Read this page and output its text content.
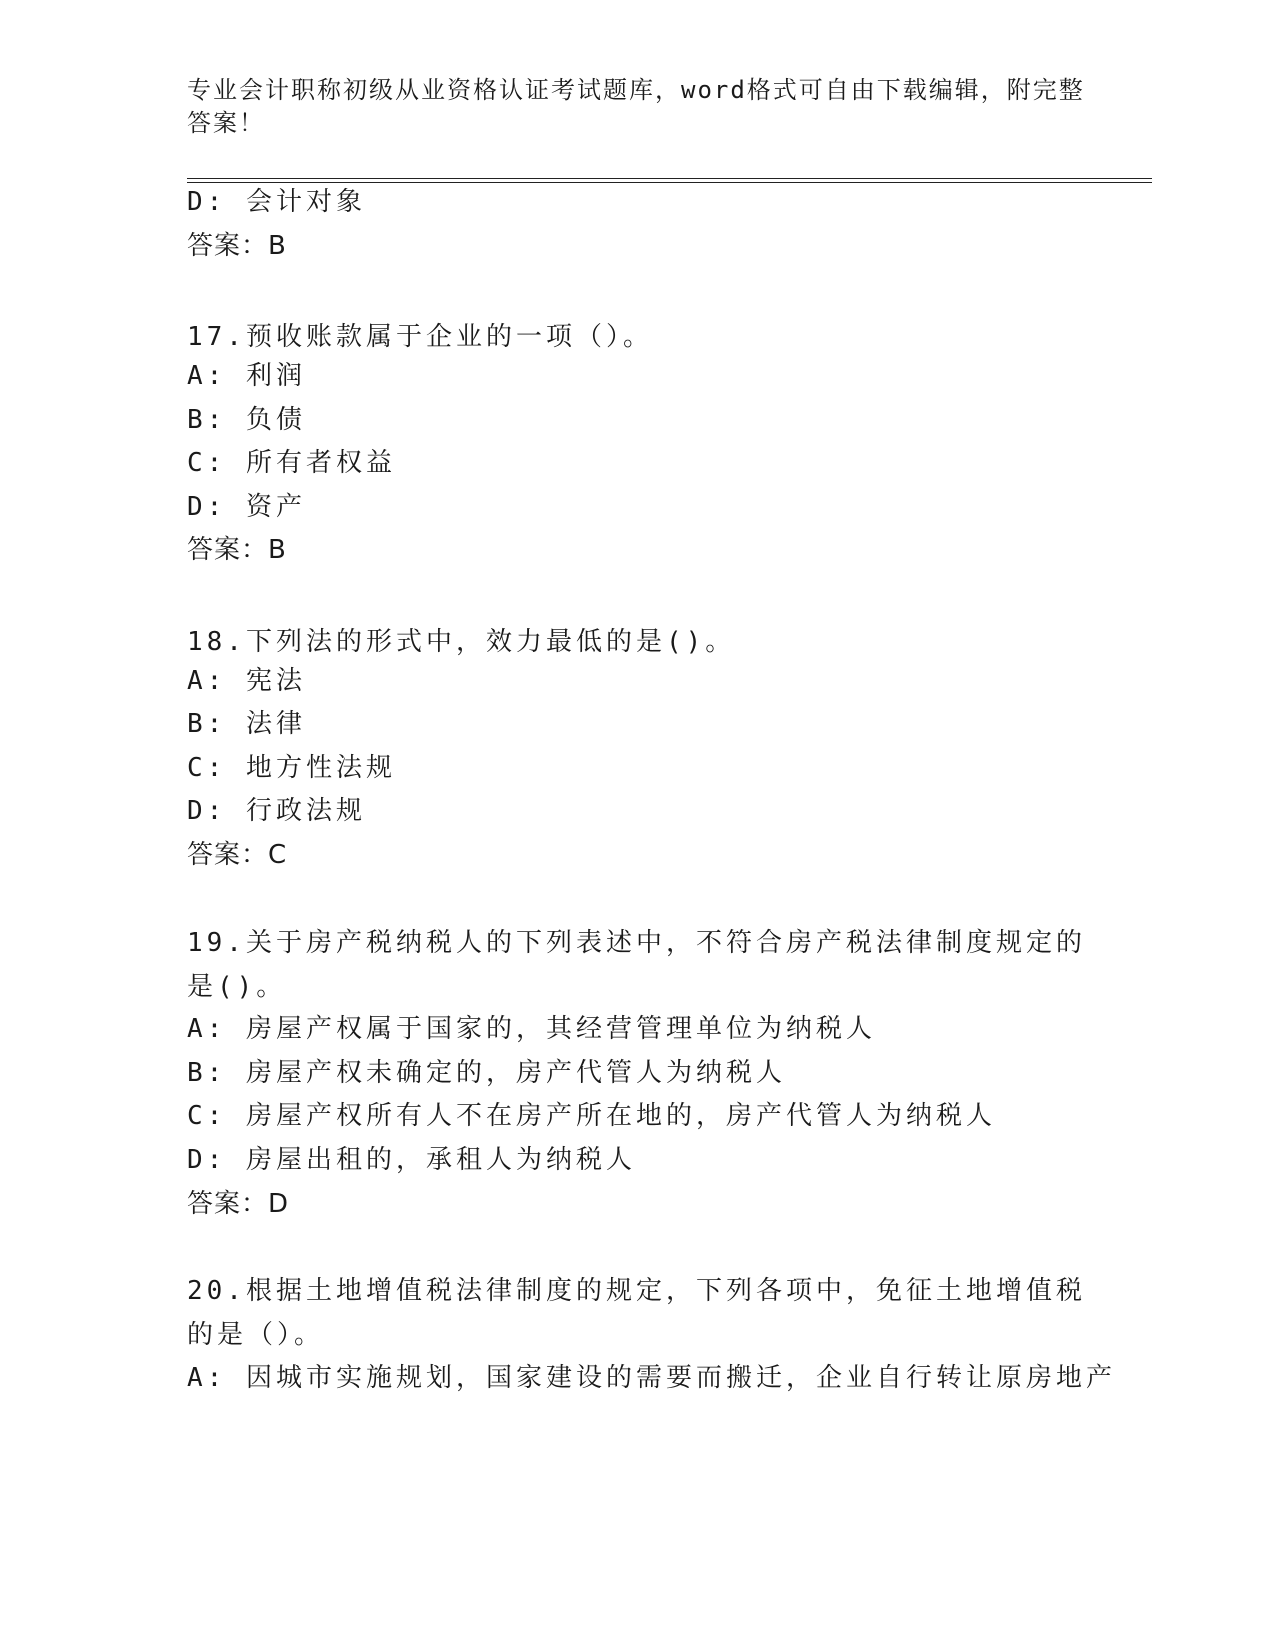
专业会计职称初级从业资格认证考试题库，word格式可自由下载编辑，附完整答案！
D: 会计对象
答案：B
17.预收账款属于企业的一项（）。
A: 利润
B: 负债
C: 所有者权益
D: 资产
答案：B
18.下列法的形式中，效力最低的是()。
A: 宪法
B: 法律
C: 地方性法规
D: 行政法规
答案：C
19.关于房产税纳税人的下列表述中，不符合房产税法律制度规定的是()。
A: 房屋产权属于国家的，其经营管理单位为纳税人
B: 房屋产权未确定的，房产代管人为纳税人
C: 房屋产权所有人不在房产所在地的，房产代管人为纳税人
D: 房屋出租的，承租人为纳税人
答案：D
20.根据土地增值税法律制度的规定，下列各项中，免征土地增值税的是（）。
A: 因城市实施规划，国家建设的需要而搬迁，企业自行转让原房地产
